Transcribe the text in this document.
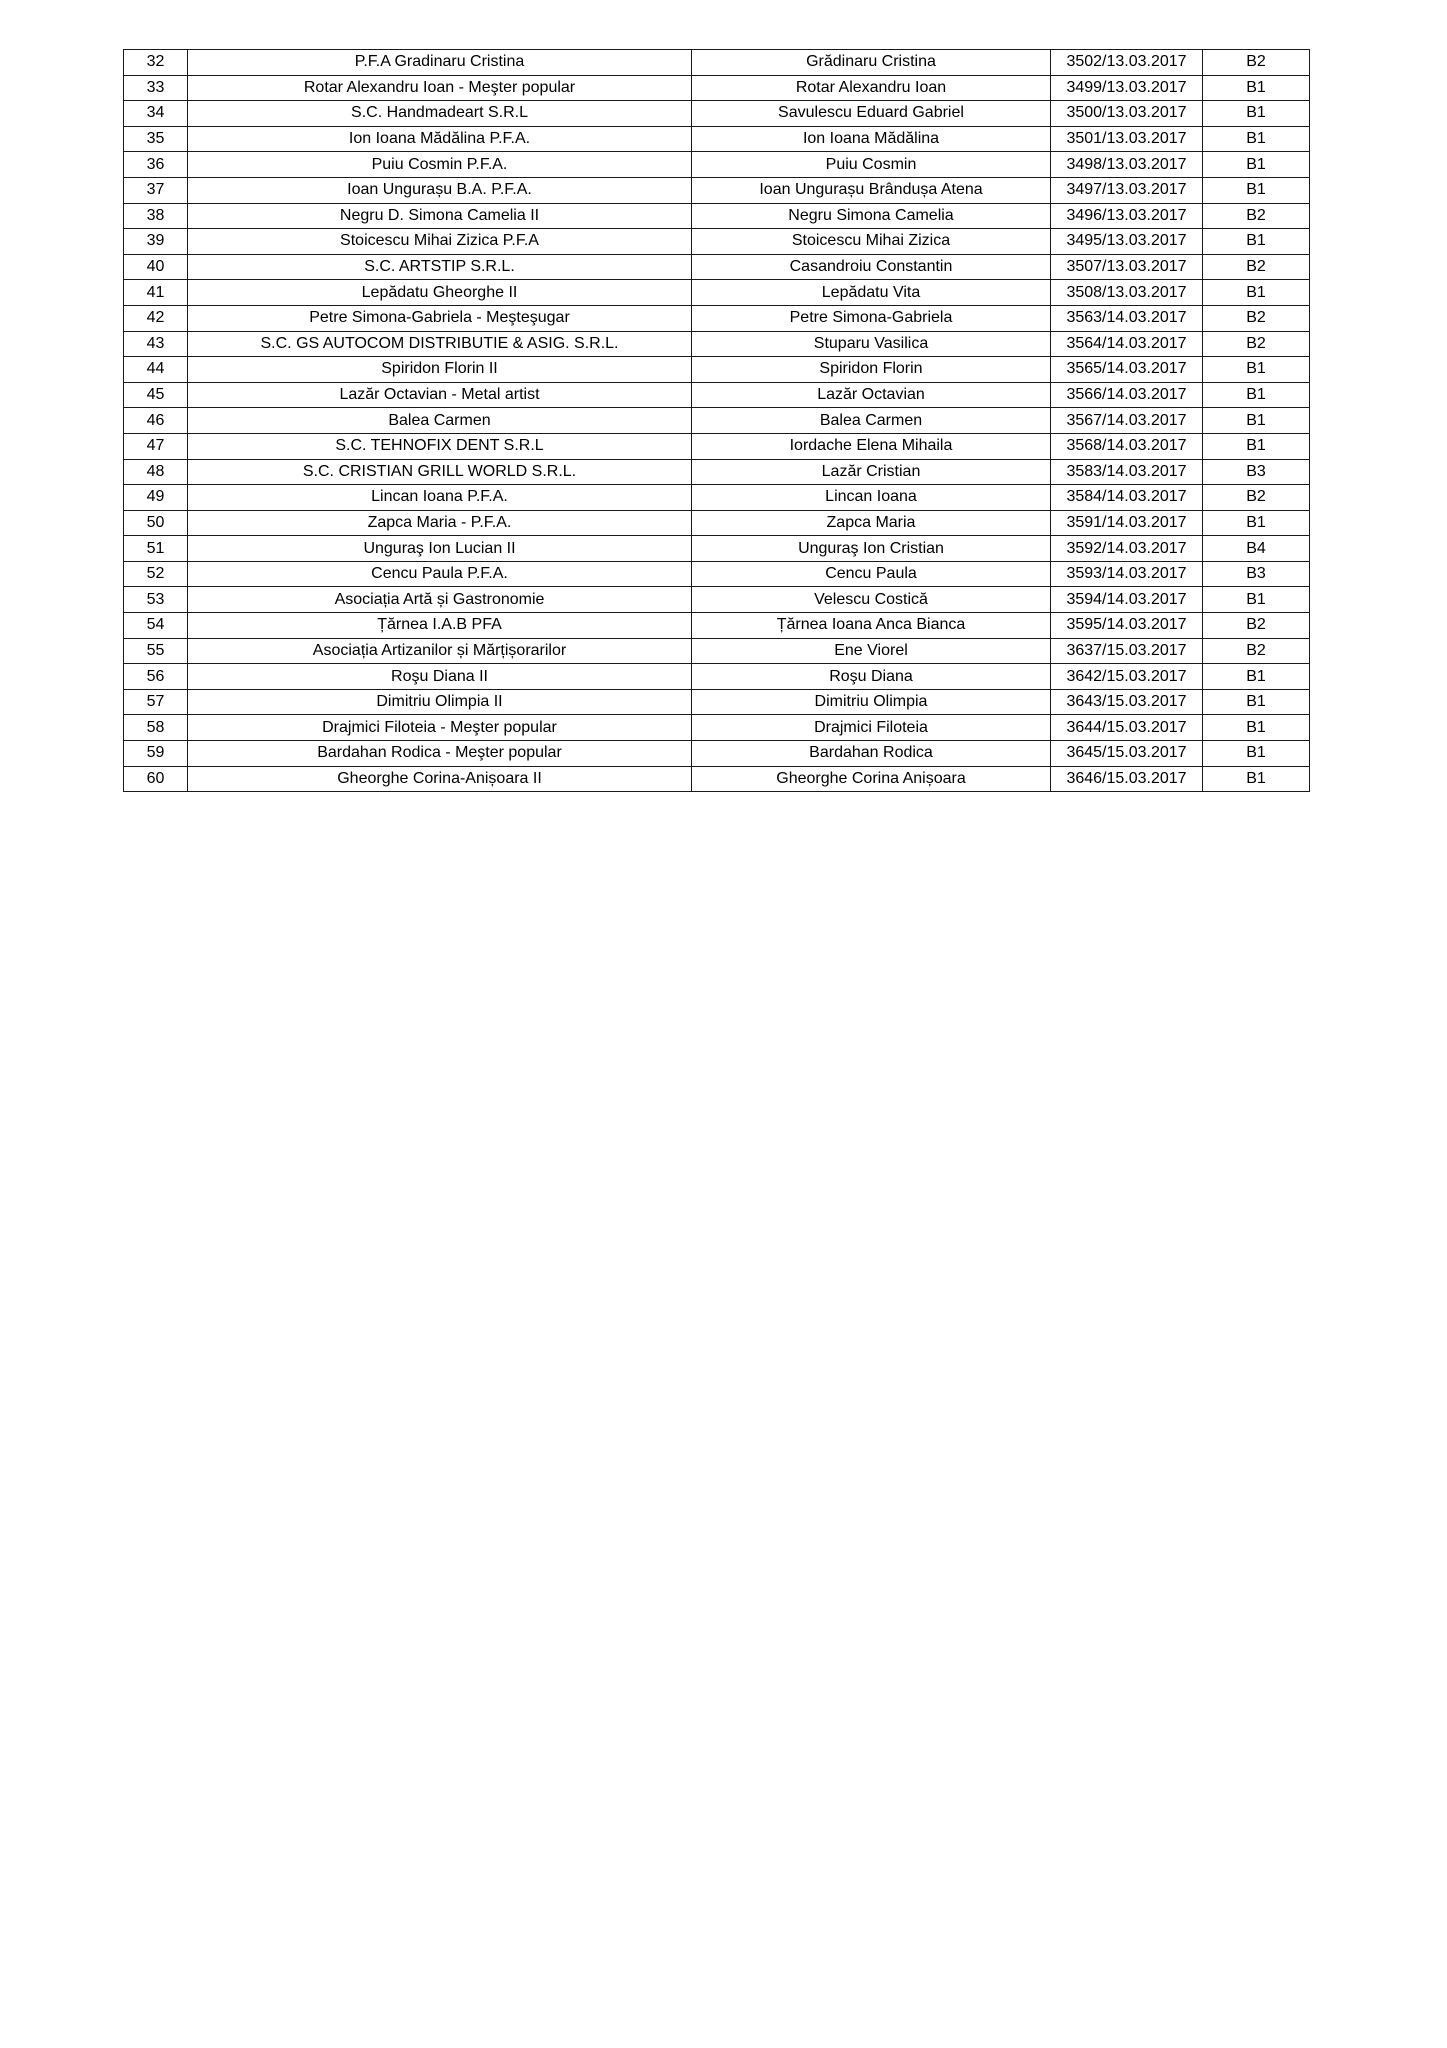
32	P.F.A Gradinaru Cristina	Grădinaru Cristina	3502/13.03.2017	B2
33	Rotar Alexandru Ioan - Meşter popular	Rotar Alexandru Ioan	3499/13.03.2017	B1
34	S.C. Handmadeart S.R.L	Savulescu Eduard Gabriel	3500/13.03.2017	B1
35	Ion Ioana Mădălina P.F.A.	Ion Ioana Mădălina	3501/13.03.2017	B1
36	Puiu Cosmin P.F.A.	Puiu Cosmin	3498/13.03.2017	B1
37	Ioan Ungurașu B.A. P.F.A.	Ioan Ungurașu Brândușa Atena	3497/13.03.2017	B1
38	Negru D. Simona Camelia II	Negru Simona Camelia	3496/13.03.2017	B2
39	Stoicescu Mihai Zizica P.F.A	Stoicescu Mihai Zizica	3495/13.03.2017	B1
40	S.C. ARTSTIP S.R.L.	Casandroiu Constantin	3507/13.03.2017	B2
41	Lepădatu Gheorghe II	Lepădatu Vita	3508/13.03.2017	B1
42	Petre Simona-Gabriela - Meşteşugar	Petre Simona-Gabriela	3563/14.03.2017	B2
43	S.C. GS AUTOCOM DISTRIBUTIE & ASIG. S.R.L.	Stuparu Vasilica	3564/14.03.2017	B2
44	Spiridon Florin II	Spiridon Florin	3565/14.03.2017	B1
45	Lazăr Octavian - Metal artist	Lazăr Octavian	3566/14.03.2017	B1
46	Balea Carmen	Balea Carmen	3567/14.03.2017	B1
47	S.C. TEHNOFIX DENT S.R.L	Iordache Elena Mihaila	3568/14.03.2017	B1
48	S.C. CRISTIAN GRILL WORLD S.R.L.	Lazăr Cristian	3583/14.03.2017	B3
49	Lincan Ioana P.F.A.	Lincan Ioana	3584/14.03.2017	B2
50	Zapca Maria - P.F.A.	Zapca Maria	3591/14.03.2017	B1
51	Unguraş Ion Lucian II	Unguraş Ion Cristian	3592/14.03.2017	B4
52	Cencu Paula P.F.A.	Cencu Paula	3593/14.03.2017	B3
53	Asociația Artă și Gastronomie	Velescu Costică	3594/14.03.2017	B1
54	Țărnea I.A.B PFA	Țărnea Ioana Anca Bianca	3595/14.03.2017	B2
55	Asociația Artizanilor și Mărțișorarilor	Ene Viorel	3637/15.03.2017	B2
56	Roşu Diana II	Roşu Diana	3642/15.03.2017	B1
57	Dimitriu Olimpia II	Dimitriu Olimpia	3643/15.03.2017	B1
58	Drajmici Filoteia - Meşter popular	Drajmici Filoteia	3644/15.03.2017	B1
59	Bardahan Rodica - Meşter popular	Bardahan Rodica	3645/15.03.2017	B1
60	Gheorghe Corina-Anișoara II	Gheorghe Corina Anișoara	3646/15.03.2017	B1
